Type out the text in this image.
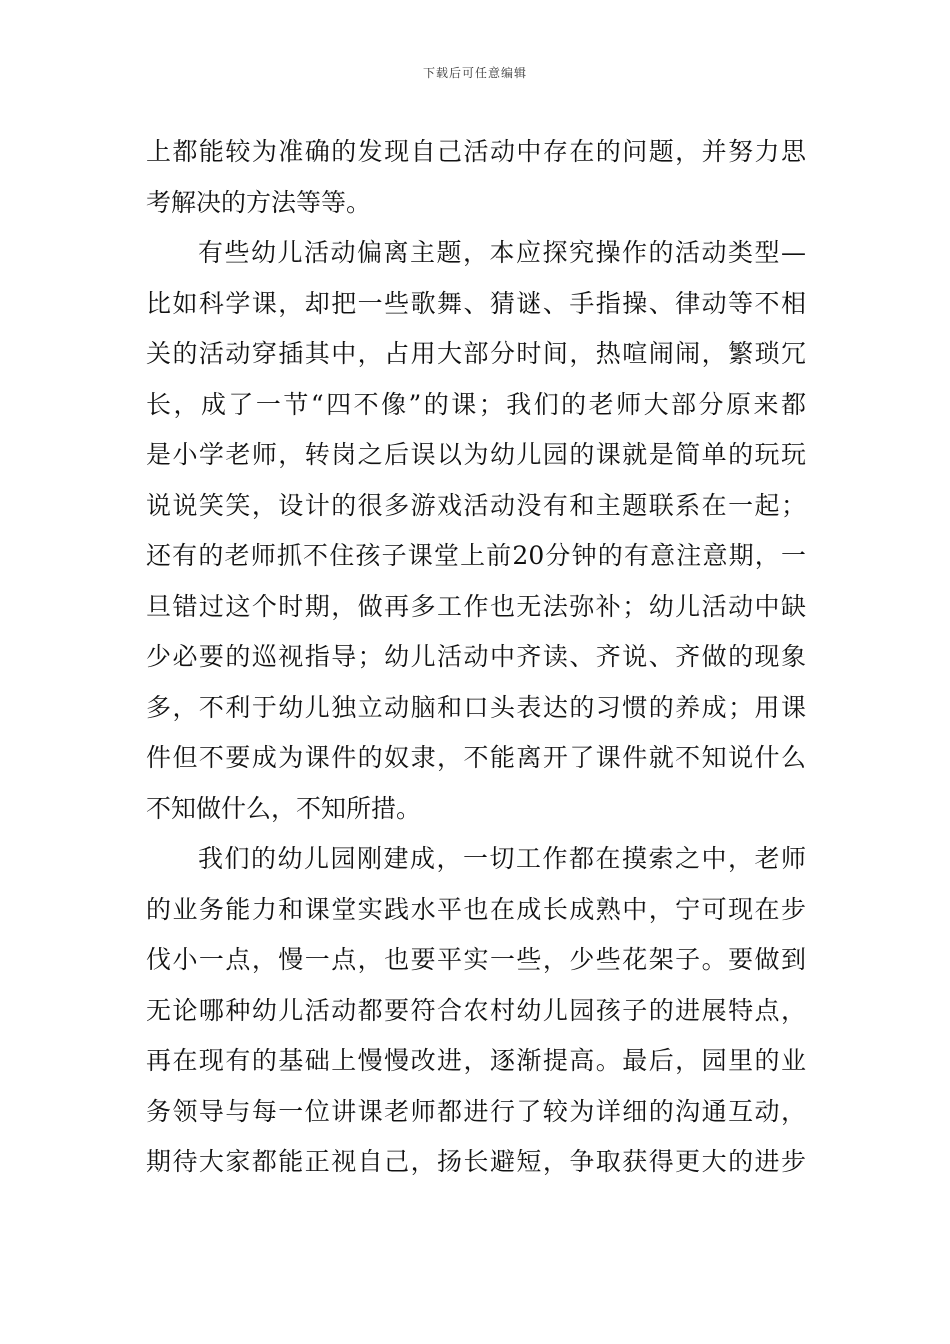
下载后可任意编辑
上都能较为准确的发现自己活动中存在的问题，并努力思
考解决的方法等等。
有些幼儿活动偏离主题，本应探究操作的活动类型—
比如科学课，却把一些歌舞、猜谜、手指操、律动等不相
关的活动穿插其中，占用大部分时间，热喧闹闹，繁琐冗
长，成了一节“四不像”的课；我们的老师大部分原来都
是小学老师，转岗之后误以为幼儿园的课就是简单的玩玩
说说笑笑，设计的很多游戏活动没有和主题联系在一起；
还有的老师抓不住孩子课堂上前20分钟的有意注意期，一
旦错过这个时期，做再多工作也无法弥补；幼儿活动中缺
少必要的巡视指导；幼儿活动中齐读、齐说、齐做的现象
多，不利于幼儿独立动脑和口头表达的习惯的养成；用课
件但不要成为课件的奴隶，不能离开了课件就不知说什么
不知做什么，不知所措。
我们的幼儿园刚建成，一切工作都在摸索之中，老师
的业务能力和课堂实践水平也在成长成熟中，宁可现在步
伐小一点，慢一点，也要平实一些，少些花架子。要做到
无论哪种幼儿活动都要符合农村幼儿园孩子的进展特点，
再在现有的基础上慢慢改进，逐渐提高。最后，园里的业
务领导与每一位讲课老师都进行了较为详细的沟通互动，
期待大家都能正视自己，扬长避短，争取获得更大的进步
